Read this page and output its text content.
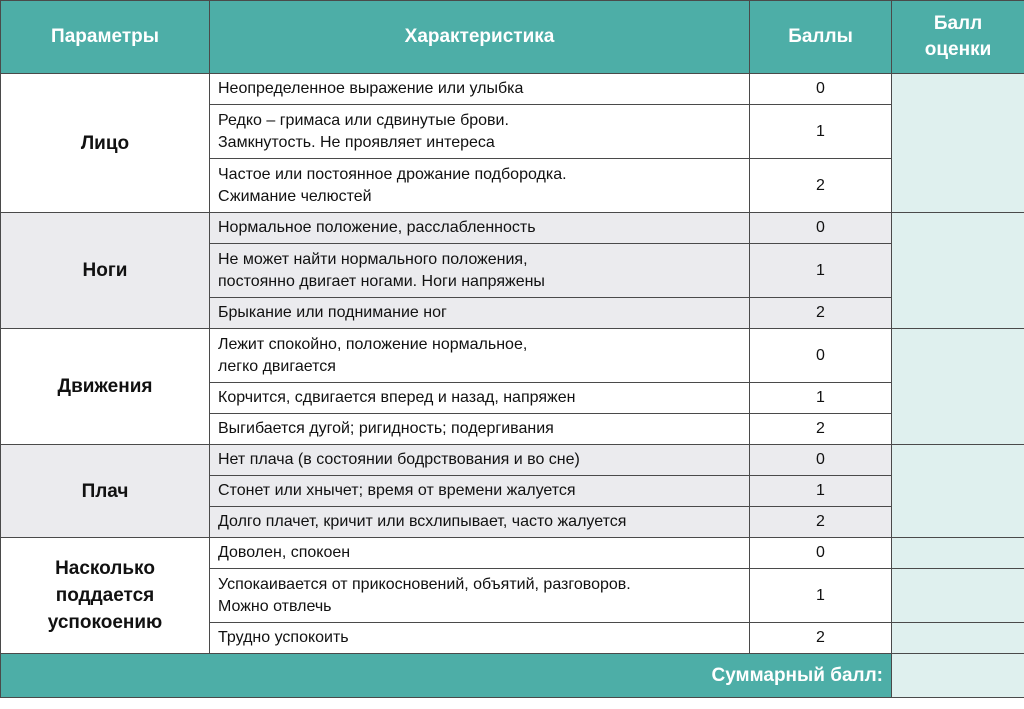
Параметры	Характеристика	Баллы	Балл
оценки

Лицо	Неопределенное выражение или улыбка	0	

	Редко – гримаса или сдвинутые брови.
Замкнутость. Не проявляет интереса	1	

	Частое или постоянное дрожание подбородка.
Сжимание челюстей	2	

Ноги	Нормальное положение, расслабленность	0	

	Не может найти нормального положения,
постоянно двигает ногами. Ноги напряжены	1	

	Брыкание или поднимание ног	2	

Движения	Лежит спокойно, положение нормальное,
легко двигается	0	

	Корчится, сдвигается вперед и назад, напряжен	1	

	Выгибается дугой; ригидность; подергивания	2	

Плач	Нет плача (в состоянии бодрствования и во сне)	0	

	Стонет или хнычет; время от времени жалуется	1	

	Долго плачет, кричит или всхлипывает, часто жалуется	2	

Насколько
поддается
успокоению	Доволен, спокоен	0	

	Успокаивается от прикосновений, объятий, разговоров.
Можно отвлечь	1	

	Трудно успокоить	2	
Суммарный балл:			
